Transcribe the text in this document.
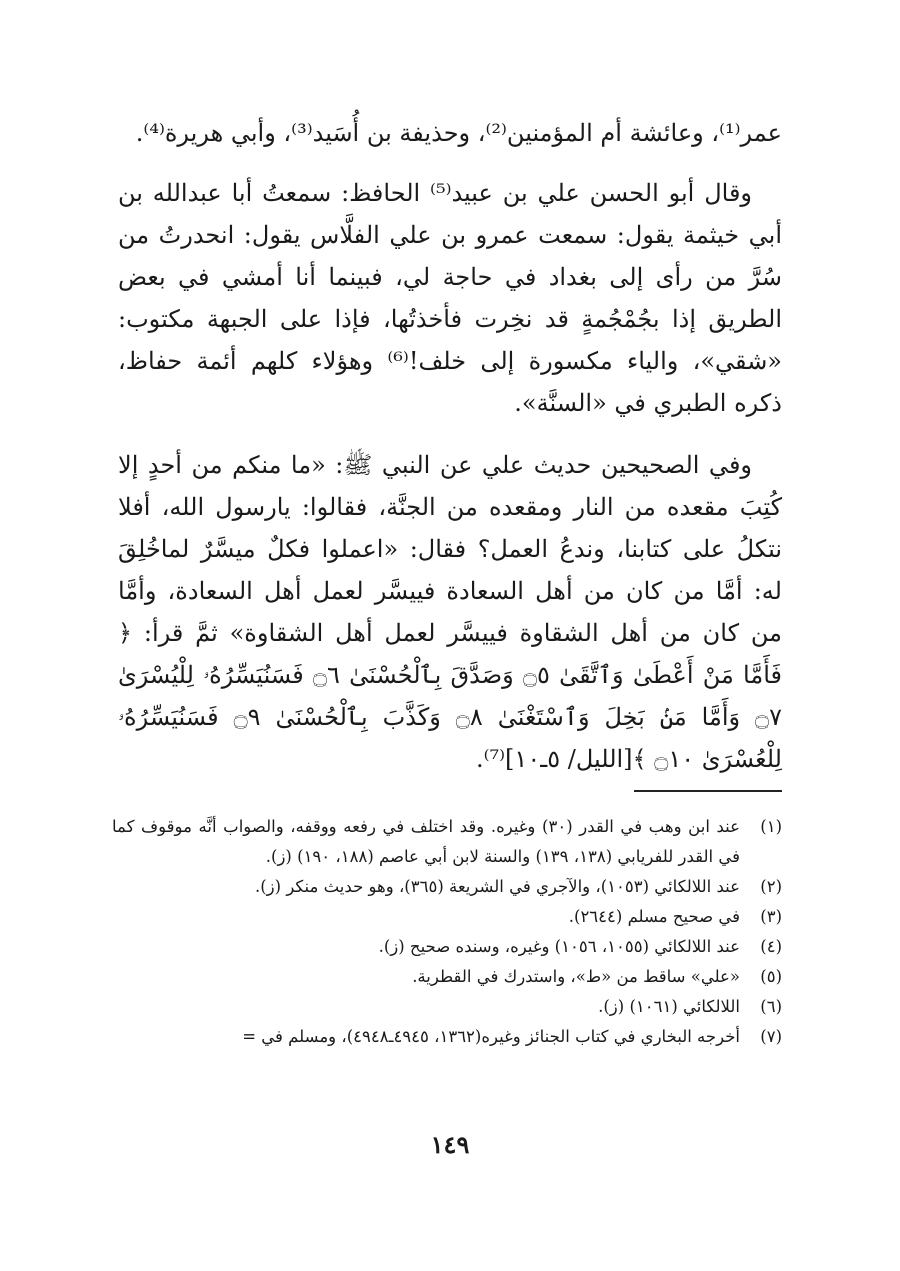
عمر⁽¹⁾، وعائشة أم المؤمنين⁽²⁾، وحذيفة بن أُسَيد⁽³⁾، وأبي هريرة⁽⁴⁾.

وقال أبو الحسن علي بن عبيد⁽⁵⁾ الحافظ: سمعتُ أبا عبدالله بن أبي خيثمة يقول: سمعت عمرو بن علي الفلَّاس يقول: انحدرتُ من سُرَّ من رأى إلى بغداد في حاجة لي، فبينما أنا أمشي في بعض الطريق إذا بجُمْجُمةٍ قد نخِرت فأخذتُها، فإذا على الجبهة مكتوب: «شقي»، والياء مكسورة إلى خلف!⁽⁶⁾ وهؤلاء كلهم أئمة حفاظ، ذكره الطبري في «السنَّة».

وفي الصحيحين حديث علي عن النبي ﷺ: «ما منكم من أحدٍ إلا كُتِبَ مقعده من النار ومقعده من الجنَّة، فقالوا: يارسول الله، أفلا نتكلُ على كتابنا، وندعُ العمل؟ فقال: «اعملوا فكلٌ ميسَّرٌ لماخُلِقَ له: أمَّا من كان من أهل السعادة فييسَّر لعمل أهل السعادة، وأمَّا من كان من أهل الشقاوة فييسَّر لعمل أهل الشقاوة» ثمَّ قرأ: ﴿ فَأَمَّا مَنْ أَعْطَىٰ وَٱتَّقَىٰ ۝٥ وَصَدَّقَ بِٱلْحُسْنَىٰ ۝٦ فَسَنُيَسِّرُهُۥ لِلْيُسْرَىٰ ۝٧ وَأَمَّا مَنۢ بَخِلَ وَٱسْتَغْنَىٰ ۝٨ وَكَذَّبَ بِٱلْحُسْنَىٰ ۝٩ فَسَنُيَسِّرُهُۥ لِلْعُسْرَىٰ ۝١٠ ﴾[الليل/ ٥ـ١٠]⁽⁷⁾.

(١)
عند ابن وهب في القدر (٣٠) وغيره. وقد اختلف في رفعه ووقفه، والصواب أنَّه موقوف كما في القدر للفريابي (١٣٨، ١٣٩) والسنة لابن أبي عاصم (١٨٨، ١٩٠) (ز).
(٢)
عند اللالكائي (١٠٥٣)، والآجري في الشريعة (٣٦٥)، وهو حديث منكر (ز).
(٣)
في صحيح مسلم (٢٦٤٤).
(٤)
عند اللالكائي (١٠٥٥، ١٠٥٦) وغيره، وسنده صحيح (ز).
(٥)
«علي» ساقط من «ط»، واستدرك في القطرية.
(٦)
اللالكائي (١٠٦١) (ز).
(٧)
أخرجه البخاري في كتاب الجنائز وغيره(١٣٦٢، ٤٩٤٥ـ٤٩٤٨)، ومسلم في =
١٤٩
